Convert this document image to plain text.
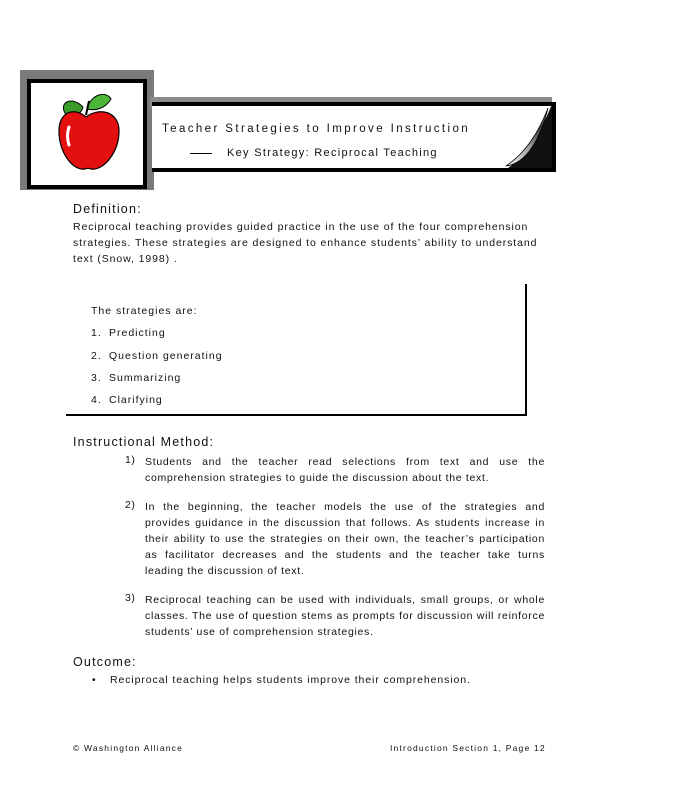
Teacher Strategies to Improve Instruction
Key Strategy: Reciprocal Teaching
Definition:
Reciprocal teaching provides guided practice in the use of the four comprehension strategies. These strategies are designed to enhance students’ ability to understand text (Snow, 1998) .
The strategies are:
1. Predicting
2. Question generating
3. Summarizing
4. Clarifying
Instructional Method:
1) Students and the teacher read selections from text and use the comprehension strategies to guide the discussion about the text.
2) In the beginning, the teacher models the use of the strategies and provides guidance in the discussion that follows. As students increase in their ability to use the strategies on their own, the teacher’s participation as facilitator decreases and the students and the teacher take turns leading the discussion of text.
3) Reciprocal teaching can be used with individuals, small groups, or whole classes. The use of question stems as prompts for discussion will reinforce students’ use of comprehension strategies.
Outcome:
• Reciprocal teaching helps students improve their comprehension.
© Washington Alliance	Introduction Section 1, Page 12
